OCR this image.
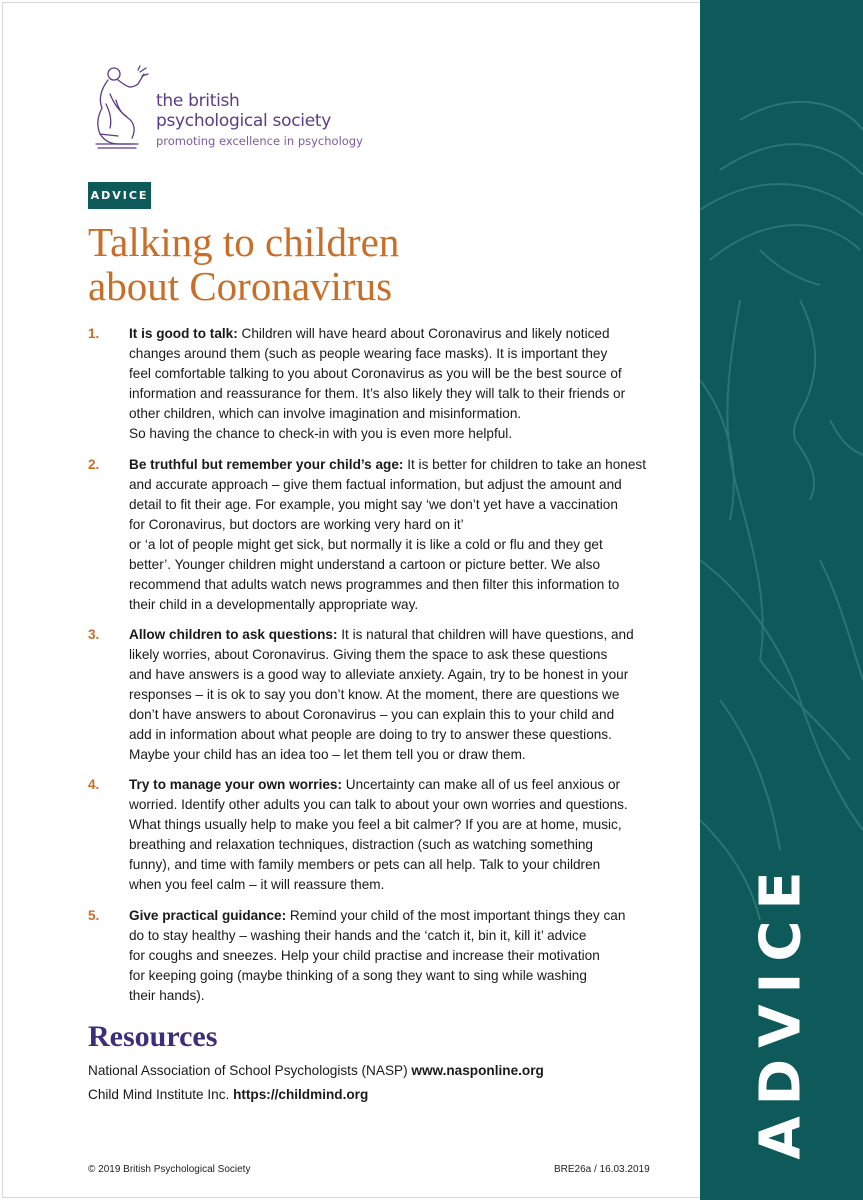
ADVICE
the british
psychological society
promoting excellence in psychology
ADVICE
Talking to children
about Coronavirus
1. It is good to talk: Children will have heard about Coronavirus and likely noticed
changes around them (such as people wearing face masks). It is important they
feel comfortable talking to you about Coronavirus as you will be the best source of
information and reassurance for them. It’s also likely they will talk to their friends or
other children, which can involve imagination and misinformation.
So having the chance to check-in with you is even more helpful.
2. Be truthful but remember your child’s age: It is better for children to take an honest
and accurate approach – give them factual information, but adjust the amount and
detail to fit their age. For example, you might say ‘we don’t yet have a vaccination
for Coronavirus, but doctors are working very hard on it’
or ‘a lot of people might get sick, but normally it is like a cold or flu and they get
better’. Younger children might understand a cartoon or picture better. We also
recommend that adults watch news programmes and then filter this information to
their child in a developmentally appropriate way.
3. Allow children to ask questions: It is natural that children will have questions, and
likely worries, about Coronavirus. Giving them the space to ask these questions
and have answers is a good way to alleviate anxiety. Again, try to be honest in your
responses – it is ok to say you don’t know. At the moment, there are questions we
don’t have answers to about Coronavirus – you can explain this to your child and
add in information about what people are doing to try to answer these questions.
Maybe your child has an idea too – let them tell you or draw them.
4. Try to manage your own worries: Uncertainty can make all of us feel anxious or
worried. Identify other adults you can talk to about your own worries and questions.
What things usually help to make you feel a bit calmer? If you are at home, music,
breathing and relaxation techniques, distraction (such as watching something
funny), and time with family members or pets can all help. Talk to your children
when you feel calm – it will reassure them.
5. Give practical guidance: Remind your child of the most important things they can
do to stay healthy – washing their hands and the ‘catch it, bin it, kill it’ advice
for coughs and sneezes. Help your child practise and increase their motivation
for keeping going (maybe thinking of a song they want to sing while washing
their hands).
Resources
National Association of School Psychologists (NASP) www.nasponline.org
Child Mind Institute Inc. https://childmind.org
© 2019 British Psychological Society	BRE26a / 16.03.2019
